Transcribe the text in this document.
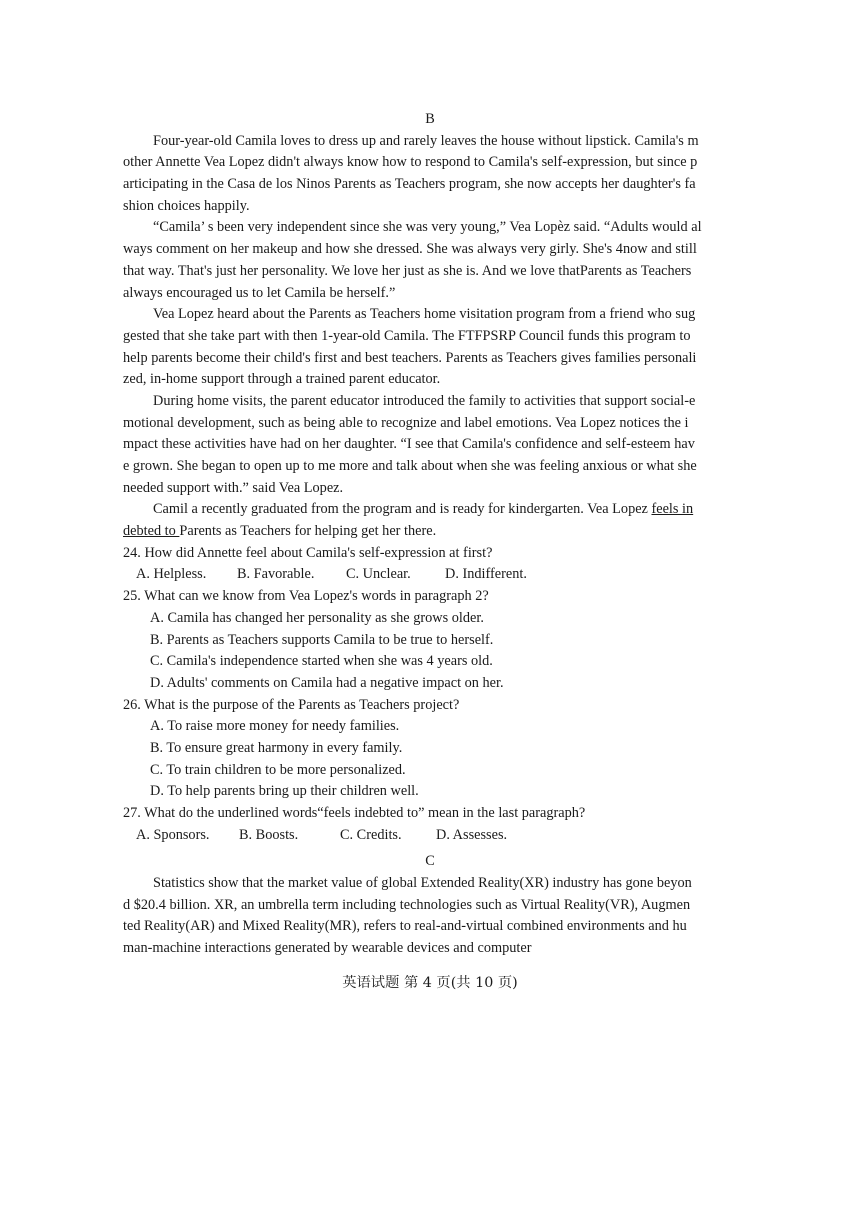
B
Four-year-old Camila loves to dress up and rarely leaves the house without lipstick. Camila's m
other Annette Vea Lopez didn't always know how to respond to Camila's self-expression, but since p
articipating in the Casa de los Ninos Parents as Teachers program, she now accepts her daughter's fa
shion choices happily.
“Camila’ s been very independent since she was very young,” Vea Lopèz said. “Adults would al
ways comment on her makeup and how she dressed. She was always very girly. She's 4now and still
that way. That's just her personality. We love her just as she is. And we love thatParents as Teachers
always encouraged us to let Camila be herself.”
Vea Lopez heard about the Parents as Teachers home visitation program from a friend who sug
gested that she take part with then 1-year-old Camila. The FTFPSRP Council funds this program to
help parents become their child's first and best teachers. Parents as Teachers gives families personali
zed, in-home support through a trained parent educator.
During home visits, the parent educator introduced the family to activities that support social-e
motional development, such as being able to recognize and label emotions. Vea Lopez notices the i
mpact these activities have had on her daughter. “I see that Camila's confidence and self-esteem hav
e grown. She began to open up to me more and talk about when she was feeling anxious or what she
needed support with.” said Vea Lopez.
Camil a recently graduated from the program and is ready for kindergarten. Vea Lopez feels in
debted to Parents as Teachers for helping get her there.
24. How did Annette feel about Camila's self-expression at first?
A. Helpless. B. Favorable. C. Unclear. D. Indifferent.
25. What can we know from Vea Lopez's words in paragraph 2?
A. Camila has changed her personality as she grows older.
B. Parents as Teachers supports Camila to be true to herself.
C. Camila's independence started when she was 4 years old.
D. Adults' comments on Camila had a negative impact on her.
26. What is the purpose of the Parents as Teachers project?
A. To raise more money for needy families.
B. To ensure great harmony in every family.
C. To train children to be more personalized.
D. To help parents bring up their children well.
27. What do the underlined words“feels indebted to” mean in the last paragraph?
A. Sponsors. B. Boosts.	C. Credits. D. Assesses.
C
Statistics show that the market value of global Extended Reality(XR) industry has gone beyon
d $20.4 billion. XR, an umbrella term including technologies such as Virtual Reality(VR), Augmen
ted Reality(AR) and Mixed Reality(MR), refers to real-and-virtual combined environments and hu
man-machine interactions generated by wearable devices and computer
英语试题 第 4 页(共 10 页)
